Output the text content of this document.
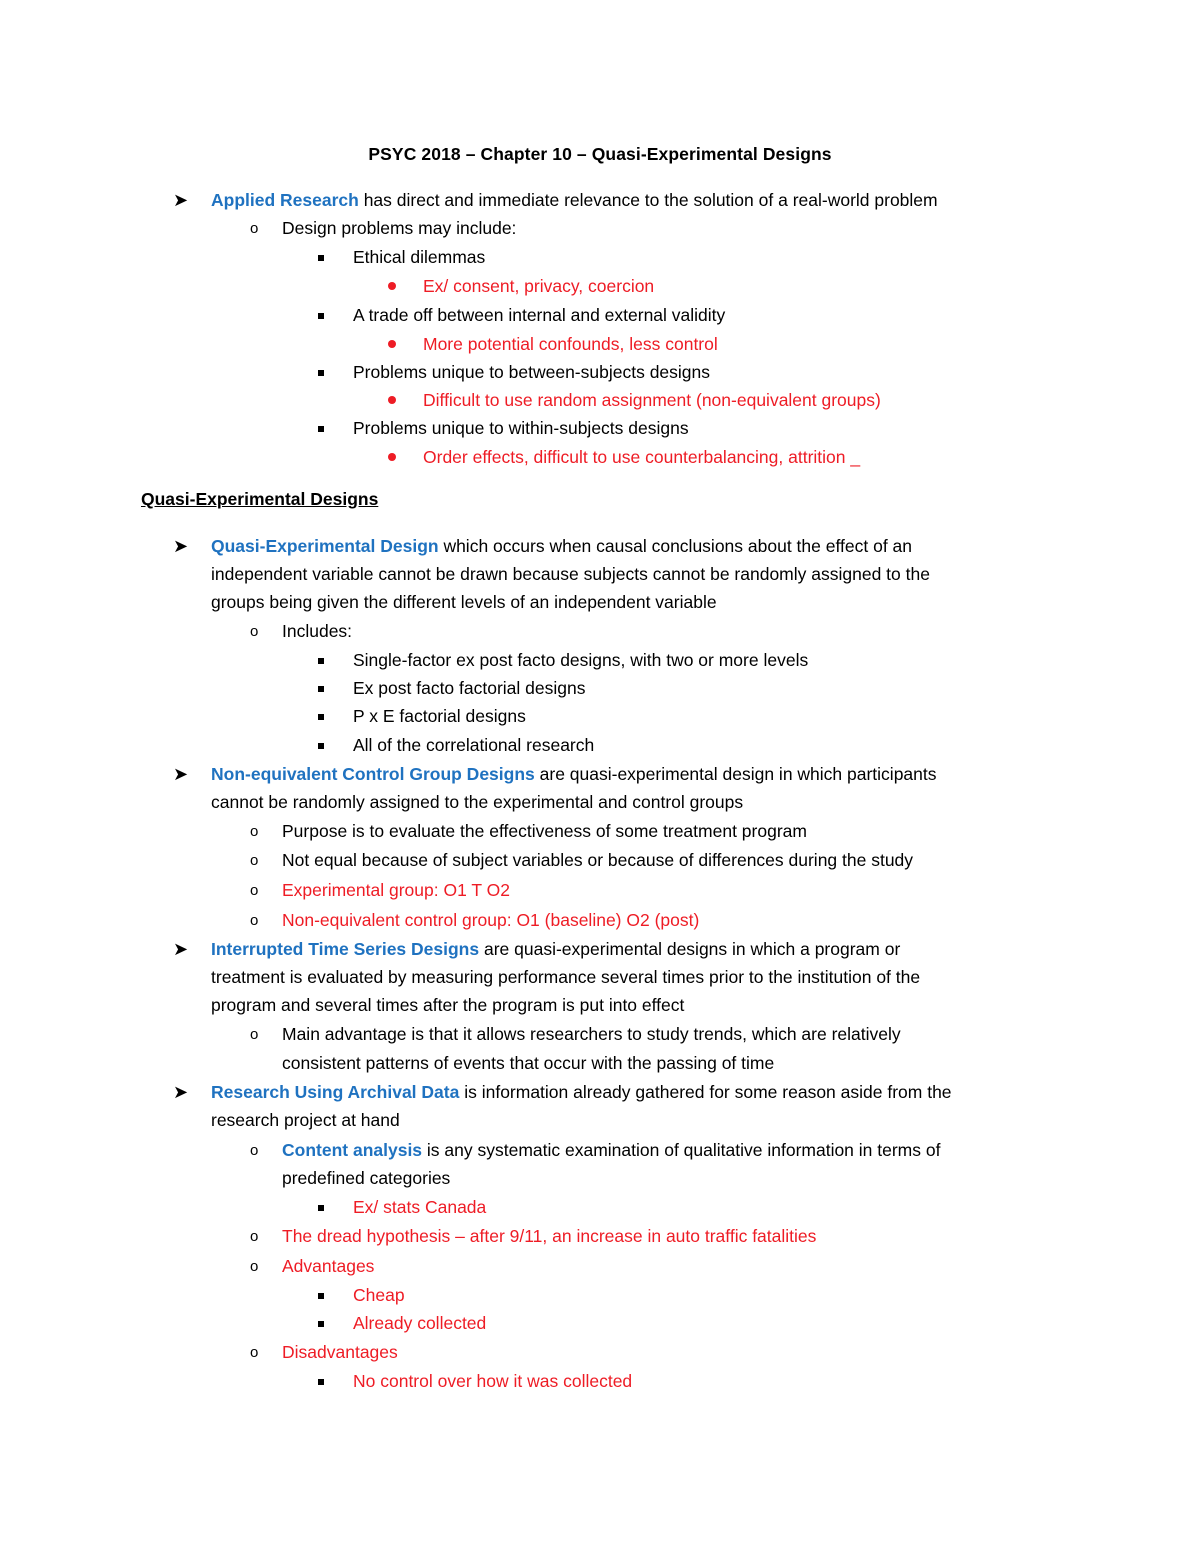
PSYC 2018 – Chapter 10 – Quasi-Experimental Designs
➤ Applied Research has direct and immediate relevance to the solution of a real-world problem
o Design problems may include:
Ethical dilemmas
Ex/ consent, privacy, coercion
A trade off between internal and external validity
More potential confounds, less control
Problems unique to between-subjects designs
Difficult to use random assignment (non-equivalent groups)
Problems unique to within-subjects designs
Order effects, difficult to use counterbalancing, attrition _
Quasi-Experimental Designs
➤ Quasi-Experimental Design which occurs when causal conclusions about the effect of an
independent variable cannot be drawn because subjects cannot be randomly assigned to the
groups being given the different levels of an independent variable
o Includes:
Single-factor ex post facto designs, with two or more levels
Ex post facto factorial designs
P x E factorial designs
All of the correlational research
➤ Non-equivalent Control Group Designs are quasi-experimental design in which participants
cannot be randomly assigned to the experimental and control groups
o Purpose is to evaluate the effectiveness of some treatment program
o Not equal because of subject variables or because of differences during the study
o Experimental group: O1 T O2
o Non-equivalent control group: O1 (baseline) O2 (post)
➤ Interrupted Time Series Designs are quasi-experimental designs in which a program or
treatment is evaluated by measuring performance several times prior to the institution of the
program and several times after the program is put into effect
o Main advantage is that it allows researchers to study trends, which are relatively
consistent patterns of events that occur with the passing of time
➤ Research Using Archival Data is information already gathered for some reason aside from the
research project at hand
o Content analysis is any systematic examination of qualitative information in terms of
predefined categories
Ex/ stats Canada
o The dread hypothesis – after 9/11, an increase in auto traffic fatalities
o Advantages
Cheap
Already collected
o Disadvantages
No control over how it was collected
